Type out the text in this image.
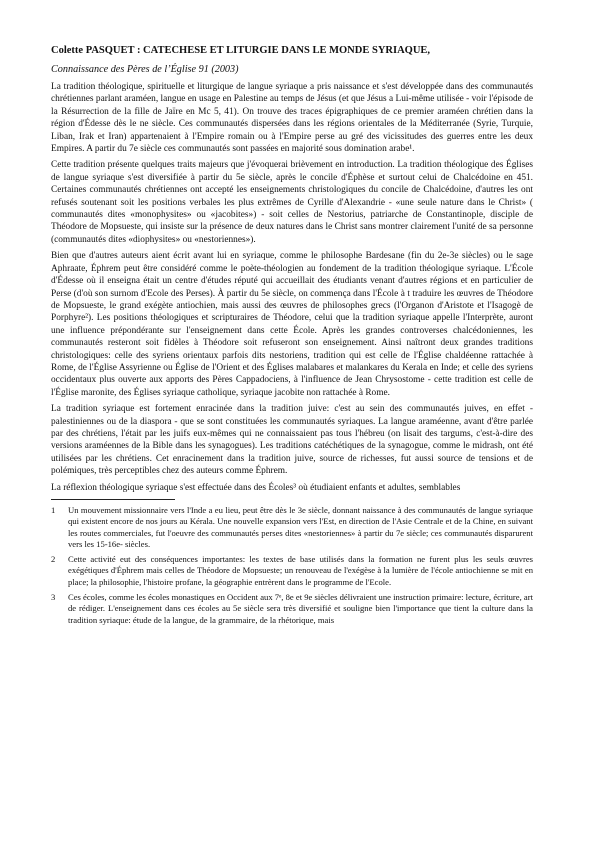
Colette PASQUET : CATECHESE ET LITURGIE DANS LE MONDE SYRIAQUE,
Connaissance des Pères de l’Église 91 (2003)

La tradition théologique, spirituelle et liturgique de langue syriaque a pris naissance et s'est développée dans des communautés chrétiennes parlant araméen, langue en usage en Palestine au temps de Jésus (et que Jésus a Lui-même utilisée - voir l'épisode de la Résurrection de la fille de Jaïre en Mc 5, 41). On trouve des traces épigraphiques de ce premier araméen chrétien dans la région d'Édesse dès le ne siècle. Ces communautés dispersées dans les régions orientales de la Méditerranée (Syrie, Turquie, Liban, Irak et Iran) appartenaient à l'Empire romain ou à l'Empire perse au gré des vicissitudes des guerres entre les deux Empires. A partir du 7e siècle ces communautés sont passées en majorité sous domination arabe¹.

Cette tradition présente quelques traits majeurs que j'évoquerai brièvement en introduction. La tradition théologique des Églises de langue syriaque s'est diversifiée à partir du 5e siècle, après le concile d'Éphèse et surtout celui de Chalcédoine en 451. Certaines communautés chrétiennes ont accepté les enseignements christologiques du concile de Chalcédoine, d'autres les ont refusés soutenant soit les positions verbales les plus extrêmes de Cyrille d'Alexandrie - «une seule nature dans le Christ» ( communautés dites «monophysites» ou «jacobites») - soit celles de Nestorius, patriarche de Constantinople, disciple de Théodore de Mopsueste, qui insiste sur la présence de deux natures dans le Christ sans montrer clairement l'unité de sa personne (communautés dites «diophysites» ou «nestoriennes»).

Bien que d'autres auteurs aient écrit avant lui en syriaque, comme le philosophe Bardesane (fin du 2e-3e siècles) ou le sage Aphraate, Éphrem peut être considéré comme le poète-théologien au fondement de la tradition théologique syriaque. L'École d'Édesse où il enseigna était un centre d'études réputé qui accueillait des étudiants venant d'autres régions et en particulier de Perse (d'où son surnom d'Ecole des Perses). À partir du 5e siècle, on commença dans l'École à t traduire les œuvres de Théodore de Mopsueste, le grand exégète antiochien, mais aussi des œuvres de philosophes grecs (l'Organon d'Aristote et l'Isagogè de Porphyre²). Les positions théologiques et scripturaires de Théodore, celui que la tradition syriaque appelle l'Interprète, auront une influence prépondérante sur l'enseignement dans cette École. Après les grandes controverses chalcédoniennes, les communautés resteront soit fidèles à Théodore soit refuseront son enseignement. Ainsi naîtront deux grandes traditions christologiques: celle des syriens orientaux parfois dits nestoriens, tradition qui est celle de l'Église chaldéenne rattachée à Rome, de l'Église Assyrienne ou Église de l'Orient et des Églises malabares et malankares du Kerala en Inde; et celle des syriens occidentaux plus ouverte aux apports des Pères Cappadociens, à l'influence de Jean Chrysostome - cette tradition est celle de l'Église maronite, des Églises syriaque catholique, syriaque jacobite non rattachée à Rome.

La tradition syriaque est fortement enracinée dans la tradition juive: c'est au sein des communautés juives, en effet - palestiniennes ou de la diaspora - que se sont constituées les communautés syriaques. La langue araméenne, avant d'être parlée par des chrétiens, l'était par les juifs eux-mêmes qui ne connaissaient pas tous l'hébreu (on lisait des targums, c'est-à-dire des versions araméennes de la Bible dans les synagogues). Les traditions catéchétiques de la synagogue, comme le midrash, ont été utilisées par les chrétiens. Cet enracinement dans la tradition juive, source de richesses, fut aussi source de tensions et de polémiques, très perceptibles chez des auteurs comme Éphrem.

La réflexion théologique syriaque s'est effectuée dans des Écoles³ où étudiaient enfants et adultes, semblables

1 Un mouvement missionnaire vers l'Inde a eu lieu, peut être dès le 3e siècle, donnant naissance à des communautés de langue syriaque qui existent encore de nos jours au Kérala. Une nouvelle expansion vers l'Est, en direction de l'Asie Centrale et de la Chine, en suivant les routes commerciales, fut l'oeuvre des communautés perses dites «nestoriennes» à partir du 7e siècle; ces communautés disparurent vers les 15-16e- siècles.
2 Cette activité eut des conséquences importantes: les textes de base utilisés dans la formation ne furent plus les seuls œuvres exégétiques d'Éphrem mais celles de Théodore de Mopsueste; un renouveau de l'exégèse à la lumière de l'école antiochienne se mit en place; la philosophie, l'histoire profane, la géographie entrèrent dans le programme de l'Ecole.
3 Ces écoles, comme les écoles monastiques en Occident aux 7ᵉ, 8e et 9e siècles délivraient une instruction primaire: lecture, écriture, art de rédiger. L'enseignement dans ces écoles au 5e siècle sera très diversifié et souligne bien l'importance que tient la culture dans la tradition syriaque: étude de la langue, de la grammaire, de la rhétorique, mais
